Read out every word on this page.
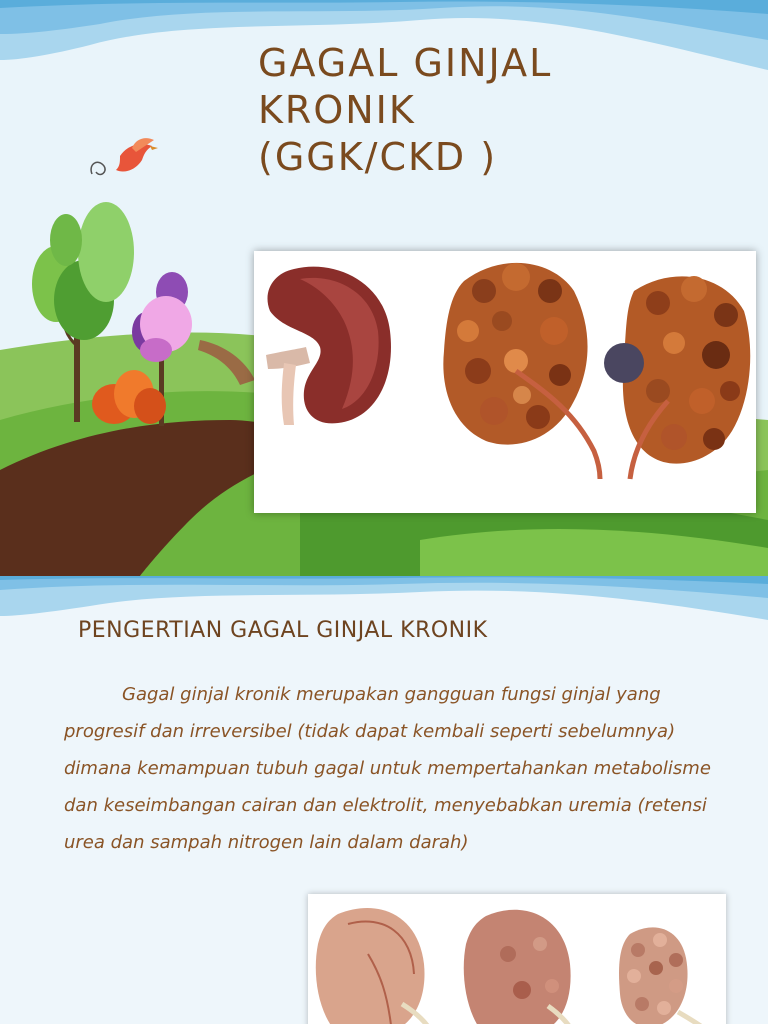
GAGAL GINJAL
KRONIK
(GGK/CKD )
PENGERTIAN GAGAL GINJAL KRONIK

Gagal ginjal kronik merupakan gangguan fungsi ginjal yang progresif dan irreversibel (tidak dapat kembali seperti sebelumnya) dimana kemampuan tubuh gagal untuk mempertahankan metabolisme dan keseimbangan cairan dan elektrolit, menyebabkan uremia (retensi urea dan sampah nitrogen lain dalam darah)
